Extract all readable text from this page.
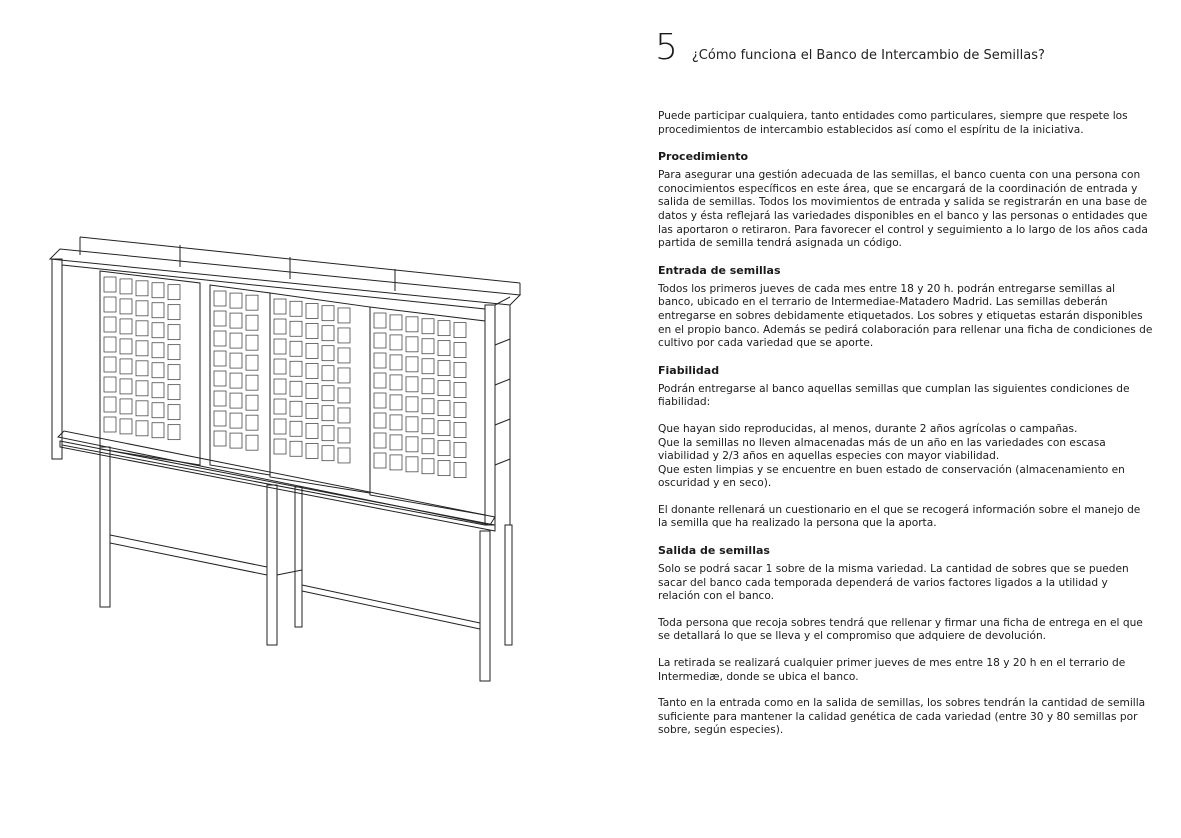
5 ¿Cómo funciona el Banco de Intercambio de Semillas?

Puede participar cualquiera, tanto entidades como particulares, siempre que respete los procedimientos de intercambio establecidos así como el espíritu de la iniciativa.

Procedimiento

Para asegurar una gestión adecuada de las semillas, el banco cuenta con una persona con conocimientos específicos en este área, que se encargará de la coordinación de entrada y salida de semillas. Todos los movimientos de entrada y salida se registrarán en una base de datos y ésta reflejará las variedades disponibles en el banco y las personas o entidades que las aportaron o retiraron. Para favorecer el control y seguimiento a lo largo de los años cada partida de semilla tendrá asignada un código.

Entrada de semillas

Todos los primeros jueves de cada mes entre 18 y 20 h. podrán entregarse semillas al banco, ubicado en el terrario de Intermediae-Matadero Madrid. Las semillas deberán entregarse en sobres debidamente etiquetados. Los sobres y etiquetas estarán disponibles en el propio banco. Además se pedirá colaboración para rellenar una ficha de condiciones de cultivo por cada variedad que se aporte.

Fiabilidad

Podrán entregarse al banco aquellas semillas que cumplan las siguientes condiciones de fiabilidad:

Que hayan sido reproducidas, al menos, durante 2 años agrícolas o campañas.

Que la semillas no lleven almacenadas más de un año en las variedades con escasa viabilidad y 2/3 años en aquellas especies con mayor viabilidad.

Que esten limpias y se encuentre en buen estado de conservación (almacenamiento en oscuridad y en seco).

El donante rellenará un cuestionario en el que se recogerá información sobre el manejo de la semilla que ha realizado la persona que la aporta.

Salida de semillas

Solo se podrá sacar 1 sobre de la misma variedad. La cantidad de sobres que se pueden sacar del banco cada temporada dependerá de varios factores ligados a la utilidad y relación con el banco.

Toda persona que recoja sobres tendrá que rellenar y firmar una ficha de entrega en el que se detallará lo que se lleva y el compromiso que adquiere de devolución.

La retirada se realizará cualquier primer jueves de mes entre 18 y 20 h en el terrario de Intermediæ, donde se ubica el banco.

Tanto en la entrada como en la salida de semillas, los sobres tendrán la cantidad de semilla suficiente para mantener la calidad genética de cada variedad (entre 30 y 80 semillas por sobre, según especies).
